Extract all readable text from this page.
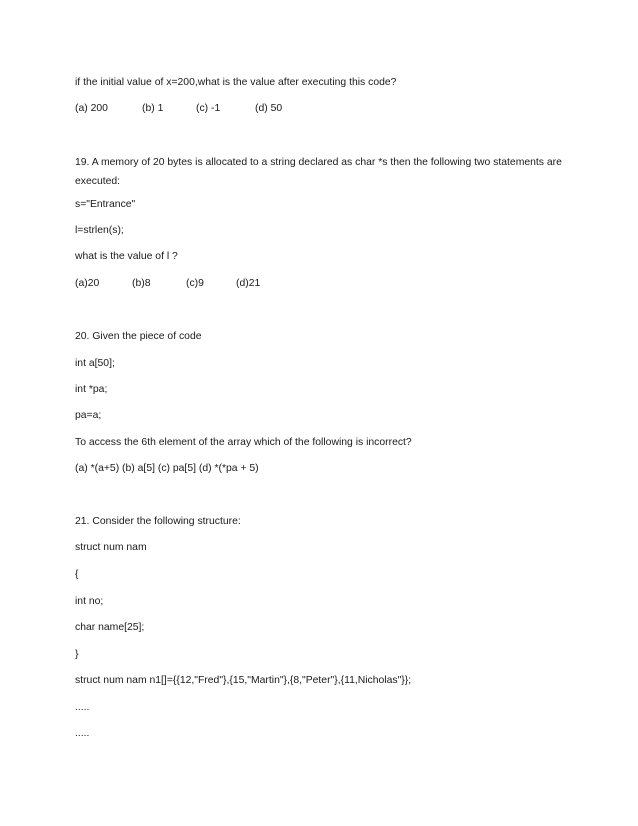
if the initial value of x=200,what is the value after executing this code?
(a) 200	(b) 1	(c) -1	(d) 50
19. A memory of 20 bytes is allocated to a string declared as char *s then the following two statements are executed:
s="Entrance"
l=strlen(s);
what is the value of l ?
(a)20	(b)8	(c)9	(d)21
20. Given the piece of code
int a[50];
int *pa;
pa=a;
To access the 6th element of the array which of the following is incorrect?
(a) *(a+5) (b) a[5] (c) pa[5] (d) *(*pa + 5)
21. Consider the following structure:
struct num nam
{
int no;
char name[25];
}
struct num nam n1[]={{12,"Fred"},{15,"Martin"},{8,"Peter"},{11,Nicholas"}};
.....
.....
